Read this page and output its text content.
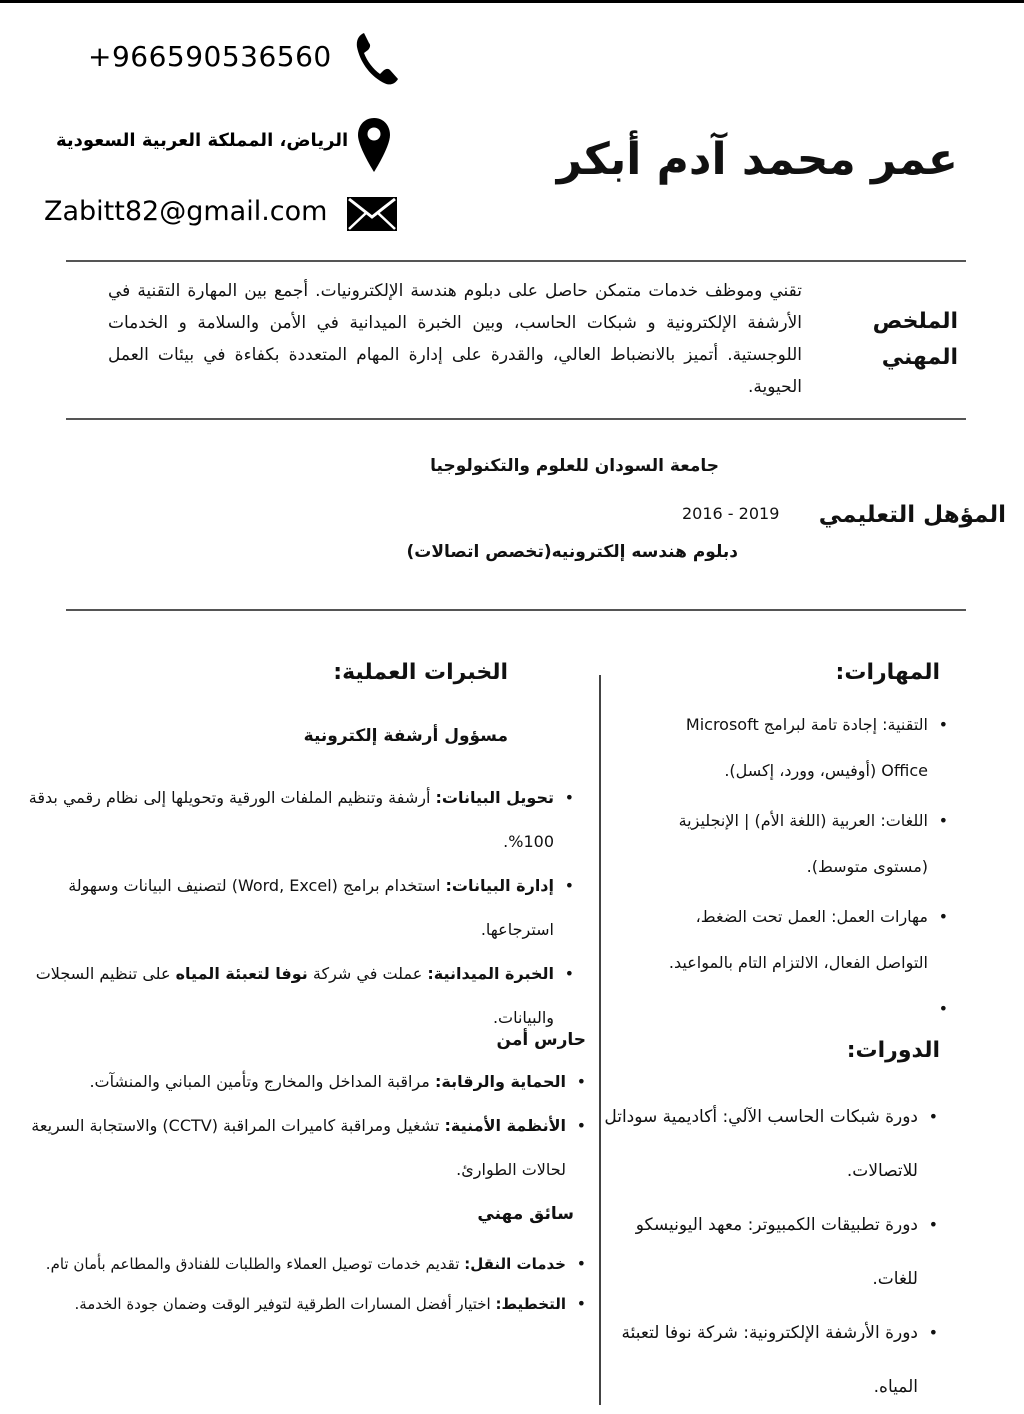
+966590536560
الرياض، المملكة العربية السعودية
Zabitt82@gmail.com
عمر محمد آدم أبكر
الملخص
المهني
تقني وموظف خدمات متمكن حاصل على دبلوم هندسة الإلكترونيات. أجمع بين المهارة التقنية في الأرشفة الإلكترونية و شبكات الحاسب، وبين الخبرة الميدانية في الأمن والسلامة و الخدمات اللوجستية. أتميز بالانضباط العالي، والقدرة على إدارة المهام المتعددة بكفاءة في بيئات العمل الحيوية.
المؤهل التعليمي
جامعة السودان للعلوم والتكنولوجيا
2016 - 2019
دبلوم هندسه إلكترونيه(تخصص اتصالات)
المهارات:
• التقنية: إجادة تامة لبرامج Microsoft Office (أوفيس، وورد، إكسل).
• اللغات: العربية (اللغة الأم) | الإنجليزية (مستوى متوسط).
• مهارات العمل: العمل تحت الضغط، التواصل الفعال، الالتزام التام بالمواعيد.
•
الدورات:
• دورة شبكات الحاسب الآلي: أكاديمية سوداتل للاتصالات.
• دورة تطبيقات الكمبيوتر: معهد اليونيسكو للغات.
• دورة الأرشفة الإلكترونية: شركة نوفا لتعبئة المياه.
الخبرات العملية:
مسؤول أرشفة إلكترونية
• تحويل البيانات: أرشفة وتنظيم الملفات الورقية وتحويلها إلى نظام رقمي بدقة 100%.
• إدارة البيانات: استخدام برامج (Word, Excel) لتصنيف البيانات وسهولة استرجاعها.
• الخبرة الميدانية: عملت في شركة نوفا لتعبئة المياه على تنظيم السجلات والبيانات.
حارس أمن
• الحماية والرقابة: مراقبة المداخل والمخارج وتأمين المباني والمنشآت.
• الأنظمة الأمنية: تشغيل ومراقبة كاميرات المراقبة (CCTV) والاستجابة السريعة لحالات الطوارئ.
سائق مهني
• خدمات النقل: تقديم خدمات توصيل العملاء والطلبات للفنادق والمطاعم بأمان تام.
• التخطيط: اختيار أفضل المسارات الطرقية لتوفير الوقت وضمان جودة الخدمة.
